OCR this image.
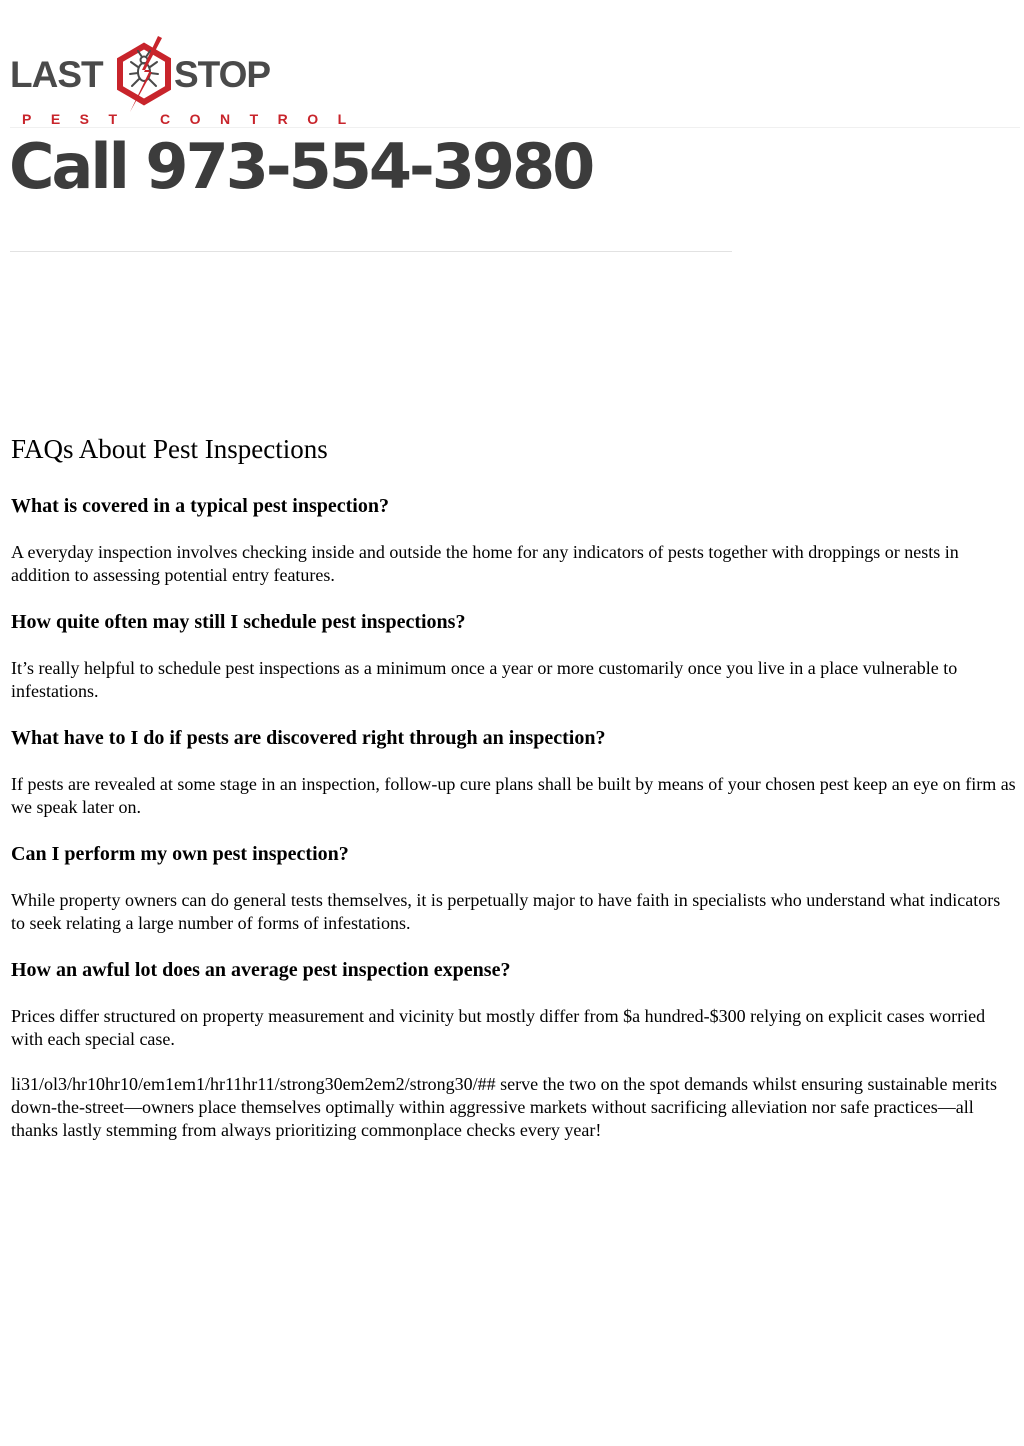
LAST STOP
PEST CONTROL
Call 973-554-3980
FAQs About Pest Inspections
What is covered in a typical pest inspection?

A everyday inspection involves checking inside and outside the home for any indicators of pests together with droppings or nests in addition to assessing potential entry features.

How quite often may still I schedule pest inspections?

It’s really helpful to schedule pest inspections as a minimum once a year or more customarily once you live in a place vulnerable to infestations.

What have to I do if pests are discovered right through an inspection?

If pests are revealed at some stage in an inspection, follow-up cure plans shall be built by means of your chosen pest keep an eye on firm as we speak later on.

Can I perform my own pest inspection?

While property owners can do general tests themselves, it is perpetually major to have faith in specialists who understand what indicators to seek relating a large number of forms of infestations.

How an awful lot does an average pest inspection expense?

Prices differ structured on property measurement and vicinity but mostly differ from $a hundred-$300 relying on explicit cases worried with each special case.

li31/ol3/hr10hr10/em1em1/hr11hr11/strong30em2em2/strong30/## serve the two on the spot demands whilst ensuring sustainable merits down-the-street—owners place themselves optimally within aggressive markets without sacrificing alleviation nor safe practices—all thanks lastly stemming from always prioritizing commonplace checks every year!
